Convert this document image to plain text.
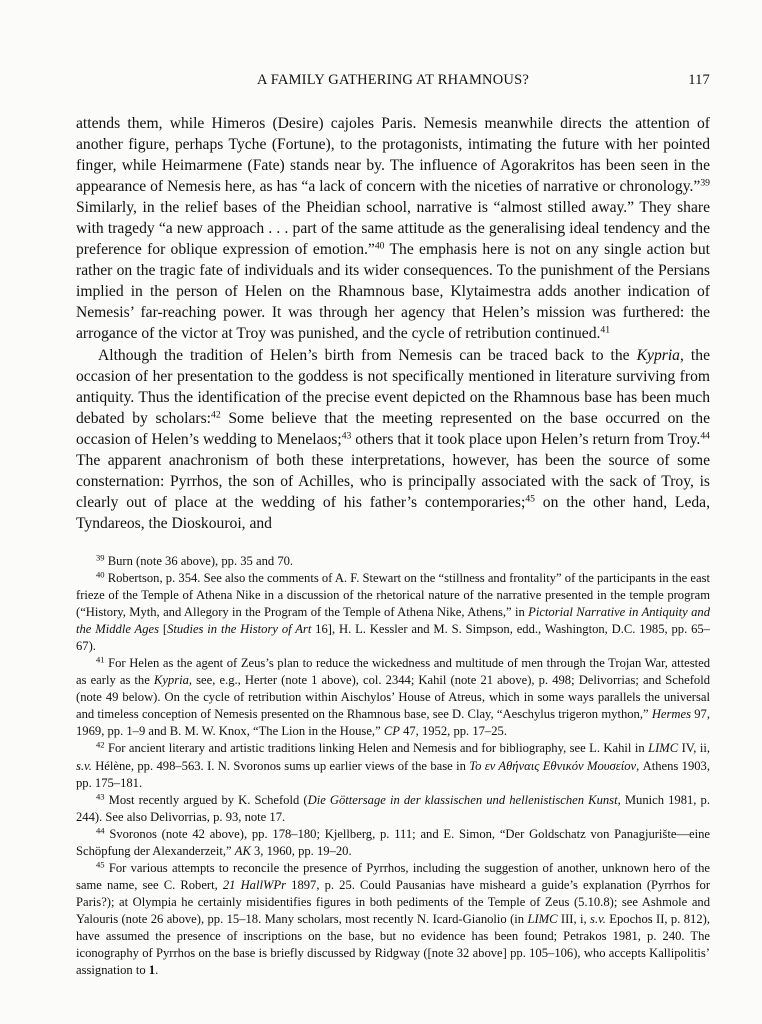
A FAMILY GATHERING AT RHAMNOUS?	117

attends them, while Himeros (Desire) cajoles Paris. Nemesis meanwhile directs the attention of another figure, perhaps Tyche (Fortune), to the protagonists, intimating the future with her pointed finger, while Heimarmene (Fate) stands near by. The influence of Agorakritos has been seen in the appearance of Nemesis here, as has “a lack of concern with the niceties of narrative or chronology.”$^{39}$ Similarly, in the relief bases of the Pheidian school, narrative is “almost stilled away.” They share with tragedy “a new approach . . . part of the same attitude as the generalising ideal tendency and the preference for oblique expression of emotion.”$^{40}$ The emphasis here is not on any single action but rather on the tragic fate of individuals and its wider consequences. To the punishment of the Persians implied in the person of Helen on the Rhamnous base, Klytaimestra adds another indication of Nemesis’ far-reaching power. It was through her agency that Helen’s mission was furthered: the arrogance of the victor at Troy was punished, and the cycle of retribution continued.$^{41}$

Although the tradition of Helen’s birth from Nemesis can be traced back to the Kypria, the occasion of her presentation to the goddess is not specifically mentioned in literature surviving from antiquity. Thus the identification of the precise event depicted on the Rhamnous base has been much debated by scholars:$^{42}$ Some believe that the meeting represented on the base occurred on the occasion of Helen’s wedding to Menelaos;$^{43}$ others that it took place upon Helen’s return from Troy.$^{44}$ The apparent anachronism of both these interpretations, however, has been the source of some consternation: Pyrrhos, the son of Achilles, who is principally associated with the sack of Troy, is clearly out of place at the wedding of his father’s contemporaries;$^{45}$ on the other hand, Leda, Tyndareos, the Dioskouroi, and

$^{39}$ Burn (note 36 above), pp. 35 and 70.

$^{40}$ Robertson, p. 354. See also the comments of A. F. Stewart on the “stillness and frontality” of the participants in the east frieze of the Temple of Athena Nike in a discussion of the rhetorical nature of the narrative presented in the temple program (“History, Myth, and Allegory in the Program of the Temple of Athena Nike, Athens,” in Pictorial Narrative in Antiquity and the Middle Ages [Studies in the History of Art 16], H. L. Kessler and M. S. Simpson, edd., Washington, D.C. 1985, pp. 65–67).

$^{41}$ For Helen as the agent of Zeus’s plan to reduce the wickedness and multitude of men through the Trojan War, attested as early as the Kypria, see, e.g., Herter (note 1 above), col. 2344; Kahil (note 21 above), p. 498; Delivorrias; and Schefold (note 49 below). On the cycle of retribution within Aischylos’ House of Atreus, which in some ways parallels the universal and timeless conception of Nemesis presented on the Rhamnous base, see D. Clay, “Aeschylus trigeron mython,” Hermes 97, 1969, pp. 1–9 and B. M. W. Knox, “The Lion in the House,” CP 47, 1952, pp. 17–25.

$^{42}$ For ancient literary and artistic traditions linking Helen and Nemesis and for bibliography, see L. Kahil in LIMC IV, ii, s.v. Hélène, pp. 498–563. I. N. Svoronos sums up earlier views of the base in Το εν Αθήναις Εθνικόν Μουσείον, Athens 1903, pp. 175–181.

$^{43}$ Most recently argued by K. Schefold (Die Göttersage in der klassischen und hellenistischen Kunst, Munich 1981, p. 244). See also Delivorrias, p. 93, note 17.

$^{44}$ Svoronos (note 42 above), pp. 178–180; Kjellberg, p. 111; and E. Simon, “Der Goldschatz von Panagjurište—eine Schöpfung der Alexanderzeit,” AK 3, 1960, pp. 19–20.

$^{45}$ For various attempts to reconcile the presence of Pyrrhos, including the suggestion of another, unknown hero of the same name, see C. Robert, 21 HallWPr 1897, p. 25. Could Pausanias have misheard a guide’s explanation (Pyrrhos for Paris?); at Olympia he certainly misidentifies figures in both pediments of the Temple of Zeus (5.10.8); see Ashmole and Yalouris (note 26 above), pp. 15–18. Many scholars, most recently N. Icard-Gianolio (in LIMC III, i, s.v. Epochos II, p. 812), have assumed the presence of inscriptions on the base, but no evidence has been found; Petrakos 1981, p. 240. The iconography of Pyrrhos on the base is briefly discussed by Ridgway ([note 32 above] pp. 105–106), who accepts Kallipolitis’ assignation to 1.
